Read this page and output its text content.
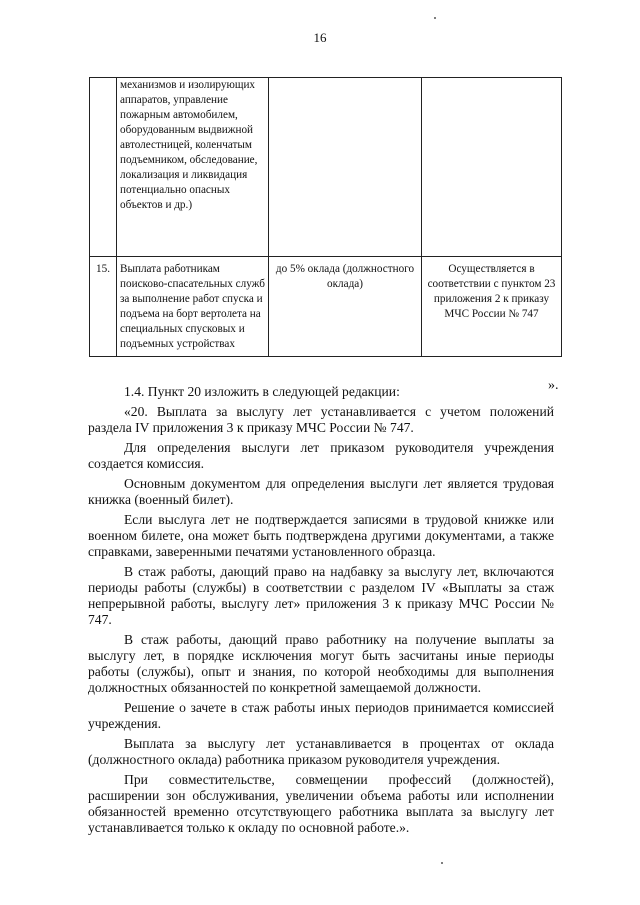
16
	механизмов и изолирующих аппаратов, управление пожарным автомобилем, оборудованным выдвижной автолестницей, коленчатым подъемником, обследование, локализация и ликвидация потенциально опасных объектов и др.)		
15.	Выплата работникам поисково-спасательных служб за выполнение работ спуска и подъема на борт вертолета на специальных спусковых и подъемных устройствах	до 5% оклада (должностного оклада)	Осуществляется в соответствии с пунктом 23 приложения 2 к приказу МЧС России № 747
».

1.4. Пункт 20 изложить в следующей редакции:

«20. Выплата за выслугу лет устанавливается с учетом положений раздела IV приложения 3 к приказу МЧС России № 747.

Для определения выслуги лет приказом руководителя учреждения создается комиссия.

Основным документом для определения выслуги лет является трудовая книжка (военный билет).

Если выслуга лет не подтверждается записями в трудовой книжке или военном билете, она может быть подтверждена другими документами, а также справками, заверенными печатями установленного образца.

В стаж работы, дающий право на надбавку за выслугу лет, включаются периоды работы (службы) в соответствии с разделом IV «Выплаты за стаж непрерывной работы, выслугу лет» приложения 3 к приказу МЧС России № 747.

В стаж работы, дающий право работнику на получение выплаты за выслугу лет, в порядке исключения могут быть засчитаны иные периоды работы (службы), опыт и знания, по которой необходимы для выполнения должностных обязанностей по конкретной замещаемой должности.

Решение о зачете в стаж работы иных периодов принимается комиссией учреждения.

Выплата за выслугу лет устанавливается в процентах от оклада (должностного оклада) работника приказом руководителя учреждения.

При совместительстве, совмещении профессий (должностей), расширении зон обслуживания, увеличении объема работы или исполнении обязанностей временно отсутствующего работника выплата за выслугу лет устанавливается только к окладу по основной работе.».
